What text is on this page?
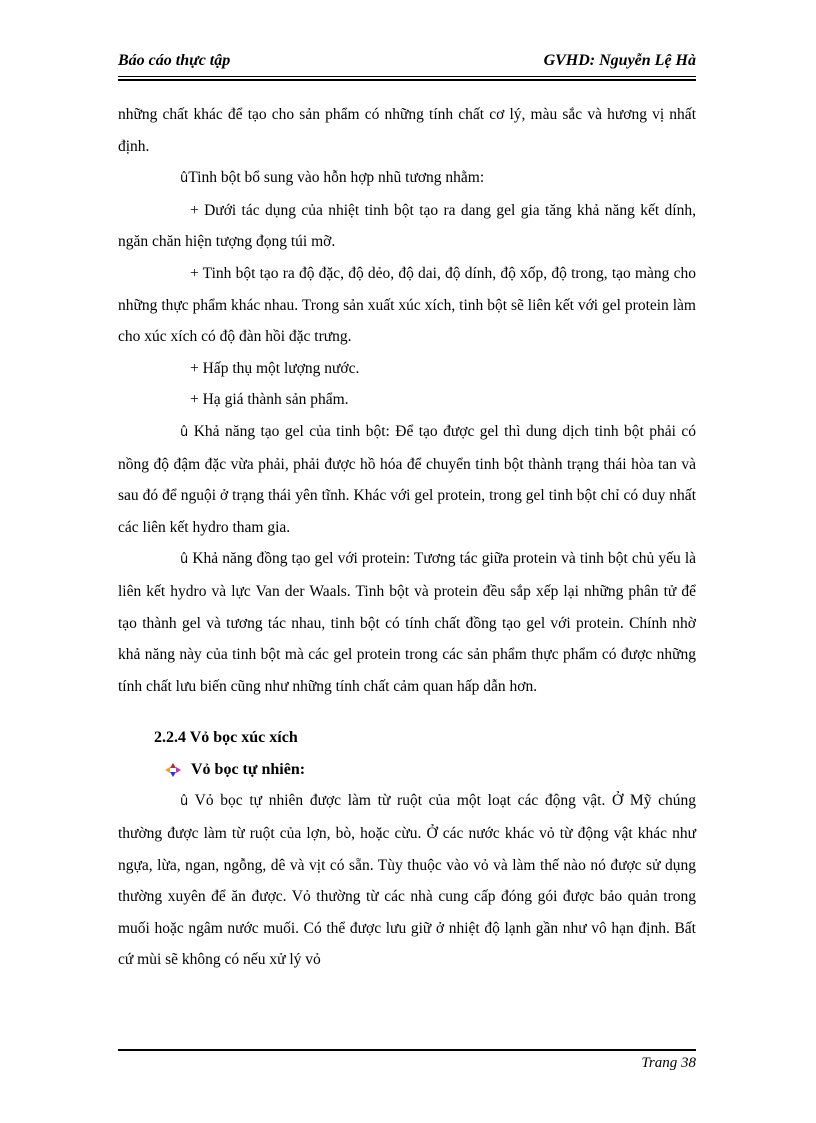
Báo cáo thực tập	GVHD: Nguyễn Lệ Hà

những chất khác để tạo cho sản phẩm có những tính chất cơ lý, màu sắc và hương vị nhất định.

ûTinh bột bổ sung vào hỗn hợp nhũ tương nhằm:

+ Dưới tác dụng của nhiệt tinh bột tạo ra dang gel gia tăng khả năng kết dính, ngăn chăn hiện tượng đọng túi mỡ.

+ Tinh bột tạo ra độ đặc, độ dẻo, độ dai, độ dính, độ xốp, độ trong, tạo màng cho những thực phẩm khác nhau. Trong sản xuất xúc xích, tinh bột sẽ liên kết với gel protein làm cho xúc xích có độ đàn hồi đặc trưng.

+ Hấp thụ một lượng nước.

+ Hạ giá thành sản phẩm.

û Khả năng tạo gel của tinh bột: Để tạo được gel thì dung dịch tinh bột phải có nồng độ đậm đặc vừa phải, phải được hồ hóa để chuyển tinh bột thành trạng thái hòa tan và sau đó để nguội ở trạng thái yên tĩnh. Khác với gel protein, trong gel tinh bột chỉ có duy nhất các liên kết hydro tham gia.

û Khả năng đồng tạo gel với protein: Tương tác giữa protein và tinh bột chủ yếu là liên kết hydro và lực Van der Waals. Tinh bột và protein đều sắp xếp lại những phân tử để tạo thành gel và tương tác nhau, tinh bột có tính chất đồng tạo gel với protein. Chính nhờ khả năng này của tinh bột mà các gel protein trong các sản phẩm thực phẩm có được những tính chất lưu biến cũng như những tính chất cảm quan hấp dẫn hơn.

2.2.4 Vỏ bọc xúc xích

Vỏ bọc tự nhiên:

û Vỏ bọc tự nhiên được làm từ ruột của một loạt các động vật. Ở Mỹ chúng thường được làm từ ruột của lợn, bò, hoặc cừu. Ở các nước khác vỏ từ động vật khác như ngựa, lừa, ngan, ngỗng, dê và vịt có sẵn. Tùy thuộc vào vỏ và làm thế nào nó được sử dụng thường xuyên để ăn được. Vỏ thường từ các nhà cung cấp đóng gói được bảo quản trong muối hoặc ngâm nước muối. Có thể được lưu giữ ở nhiệt độ lạnh gần như vô hạn định. Bất cứ mùi sẽ không có nếu xử lý vỏ

Trang 38
